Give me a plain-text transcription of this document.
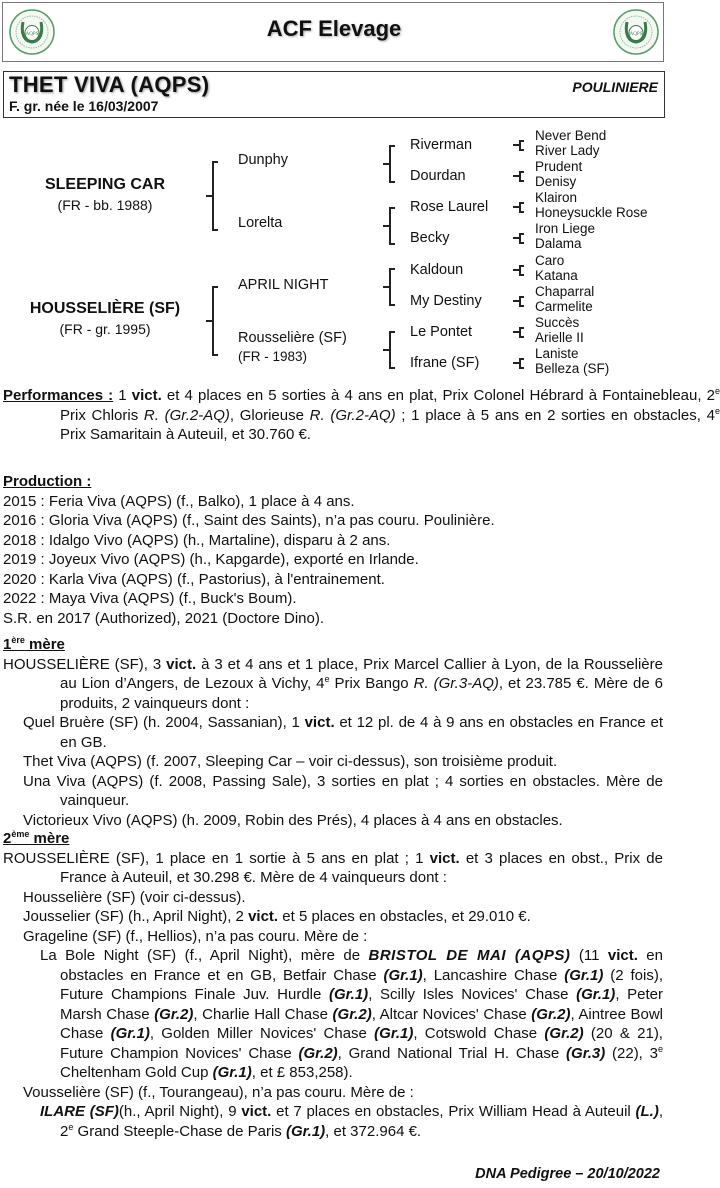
AQPS	ACF Elevage	AQPS
THET VIVA (AQPS)
F. gr. née le 16/03/2007
POULINIERE
SLEEPING CAR
(FR - bb. 1988)
Dunphy
Lorelta
Riverman
Dourdan
Rose Laurel
Becky
Never Bend
River Lady
Prudent
Denisy
Klairon
Honeysuckle Rose
Iron Liege
Dalama
HOUSSELIÈRE (SF)
(FR - gr. 1995)
APRIL NIGHT
Rousselière (SF)
(FR - 1983)
Kaldoun
My Destiny
Le Pontet
Ifrane (SF)
Caro
Katana
Chaparral
Carmelite
Succès
Arielle II
Laniste
Belleza (SF)
Performances : 1 vict. et 4 places en 5 sorties à 4 ans en plat, Prix Colonel Hébrard à Fontainebleau, 2e Prix Chloris R. (Gr.2-AQ), Glorieuse R. (Gr.2-AQ) ; 1 place à 5 ans en 2 sorties en obstacles, 4e Prix Samaritain à Auteuil, et 30.760 €.
Production :
2015 : Feria Viva (AQPS) (f., Balko), 1 place à 4 ans.
2016 : Gloria Viva (AQPS) (f., Saint des Saints), n’a pas couru. Poulinière.
2018 : Idalgo Vivo (AQPS) (h., Martaline), disparu à 2 ans.
2019 : Joyeux Vivo (AQPS) (h., Kapgarde), exporté en Irlande.
2020 : Karla Viva (AQPS) (f., Pastorius), à l'entrainement.
2022 : Maya Viva (AQPS) (f., Buck's Boum).
S.R. en 2017 (Authorized), 2021 (Doctore Dino).
1ère mère
HOUSSELIÈRE (SF), 3 vict. à 3 et 4 ans et 1 place, Prix Marcel Callier à Lyon, de la Rousselière au Lion d’Angers, de Lezoux à Vichy, 4e Prix Bango R. (Gr.3-AQ), et 23.785 €. Mère de 6 produits, 2 vainqueurs dont :
Quel Bruère (SF) (h. 2004, Sassanian), 1 vict. et 12 pl. de 4 à 9 ans en obstacles en France et en GB.
Thet Viva (AQPS) (f. 2007, Sleeping Car – voir ci-dessus), son troisième produit.
Una Viva (AQPS) (f. 2008, Passing Sale), 3 sorties en plat ; 4 sorties en obstacles. Mère de vainqueur.
Victorieux Vivo (AQPS) (h. 2009, Robin des Prés), 4 places à 4 ans en obstacles.
2ème mère
ROUSSELIÈRE (SF), 1 place en 1 sortie à 5 ans en plat ; 1 vict. et 3 places en obst., Prix de France à Auteuil, et 30.298 €. Mère de 4 vainqueurs dont :
Housselière (SF) (voir ci-dessus).
Jousselier (SF) (h., April Night), 2 vict. et 5 places en obstacles, et 29.010 €.
Grageline (SF) (f., Hellios), n’a pas couru. Mère de :
La Bole Night (SF) (f., April Night), mère de BRISTOL DE MAI (AQPS) (11 vict. en obstacles en France et en GB, Betfair Chase (Gr.1), Lancashire Chase (Gr.1) (2 fois), Future Champions Finale Juv. Hurdle (Gr.1), Scilly Isles Novices' Chase (Gr.1), Peter Marsh Chase (Gr.2), Charlie Hall Chase (Gr.2), Altcar Novices' Chase (Gr.2), Aintree Bowl Chase (Gr.1), Golden Miller Novices' Chase (Gr.1), Cotswold Chase (Gr.2) (20 & 21), Future Champion Novices' Chase (Gr.2), Grand National Trial H. Chase (Gr.3) (22), 3e Cheltenham Gold Cup (Gr.1), et £ 853,258).
Vousselière (SF) (f., Tourangeau), n’a pas couru. Mère de :
ILARE (SF)(h., April Night), 9 vict. et 7 places en obstacles, Prix William Head à Auteuil (L.), 2e Grand Steeple-Chase de Paris (Gr.1), et 372.964 €.
DNA Pedigree – 20/10/2022
